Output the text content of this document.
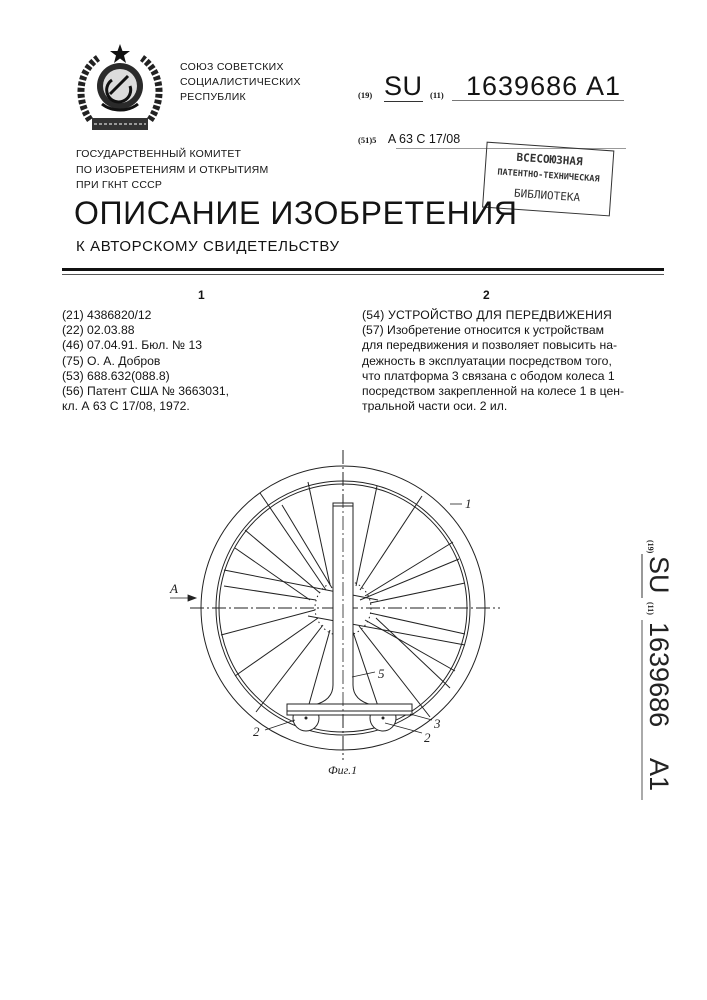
СОЮЗ СОВЕТСКИХ
СОЦИАЛИСТИЧЕСКИХ
РЕСПУБЛИК
ГОСУДАРСТВЕННЫЙ КОМИТЕТ
ПО ИЗОБРЕТЕНИЯМ И ОТКРЫТИЯМ
ПРИ ГКНТ СССР
(19) SU (11) 1639686 A1
(51)5 A 63 C 17/08
ВСЕСОЮЗНАЯ
ПАТЕНТНО-ТЕХНИЧЕСКАЯ
БИБЛИОТЕКА
ОПИСАНИЕ ИЗОБРЕТЕНИЯ
К АВТОРСКОМУ СВИДЕТЕЛЬСТВУ
1	2
(21) 4386820/12
(22) 02.03.88
(46) 07.04.91. Бюл. № 13
(75) О. А. Добров
(53) 688.632(088.8)
(56) Патент США № 3663031,
кл. А 63 С 17/08, 1972.
(54) УСТРОЙСТВО ДЛЯ ПЕРЕДВИЖЕНИЯ
(57) Изобретение относится к устройствам
для передвижения и позволяет повысить на-
дежность в эксплуатации посредством того,
что платформа 3 связана с ободом колеса 1
посредством закрепленной на колесе 1 в цен-
тральной части оси. 2 ил.
1
5
3
2
2
A
Фиг.1
(19)
SU
(11)
1639686
A1
